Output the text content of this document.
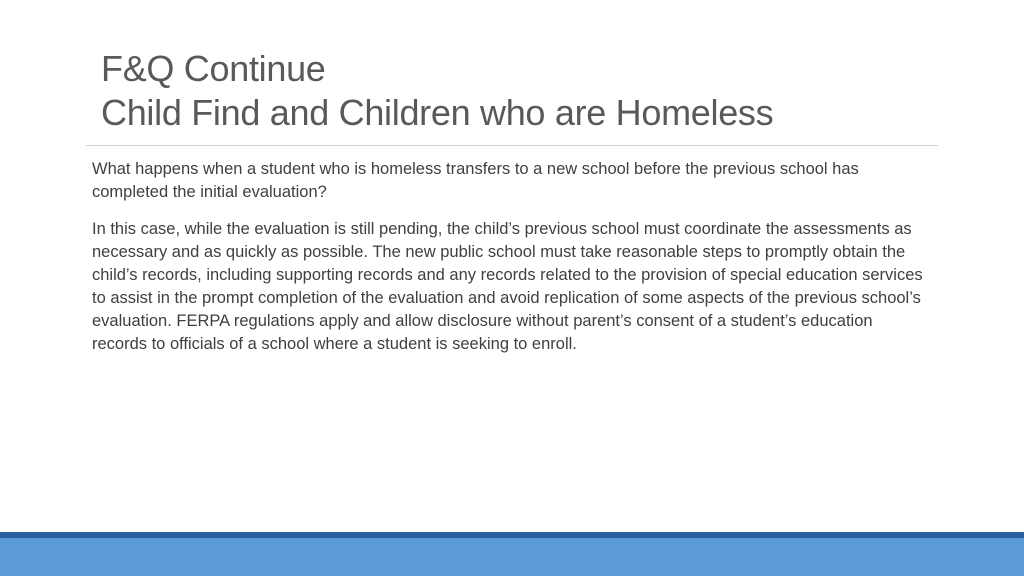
F&Q Continue
Child Find and Children who are Homeless

What happens when a student who is homeless transfers to a new school before the previous school has completed the initial evaluation?

In this case, while the evaluation is still pending, the child’s previous school must coordinate the assessments as necessary and as quickly as possible. The new public school must take reasonable steps to promptly obtain the child’s records, including supporting records and any records related to the provision of special education services to assist in the prompt completion of the evaluation and avoid replication of some aspects of the previous school’s evaluation. FERPA regulations apply and allow disclosure without parent’s consent of a student’s education records to officials of a school where a student is seeking to enroll.
